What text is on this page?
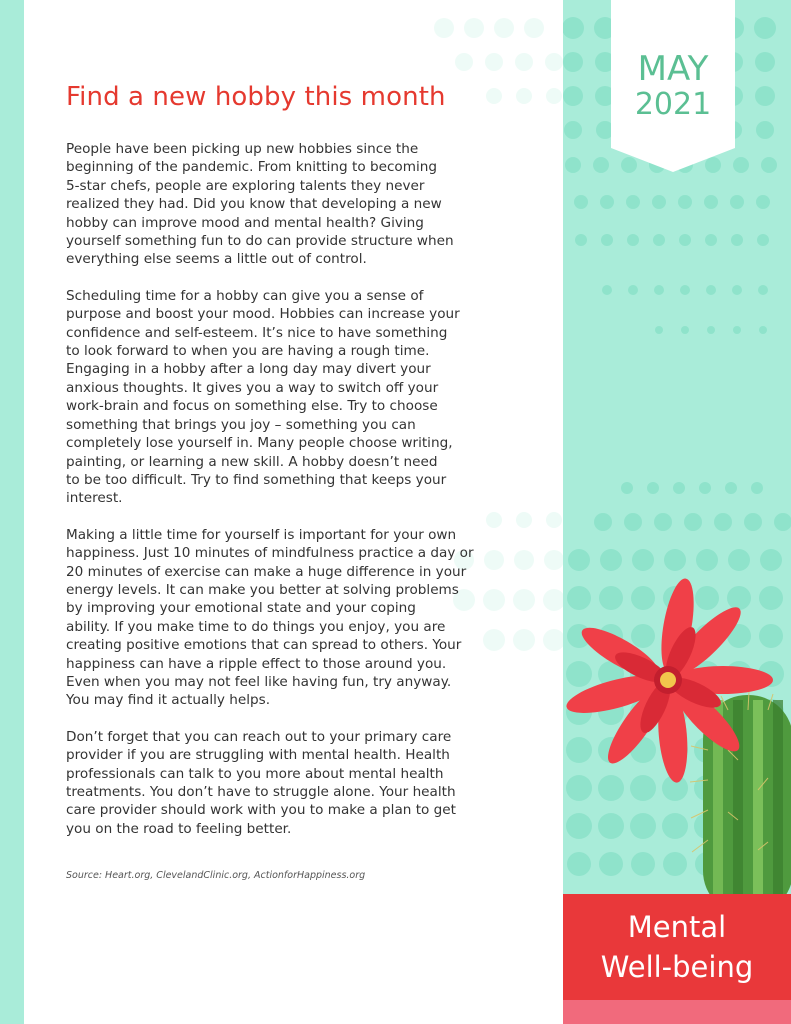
Find a new hobby this month

People have been picking up new hobbies since the
beginning of the pandemic. From knitting to becoming
5-star chefs, people are exploring talents they never
realized they had. Did you know that developing a new
hobby can improve mood and mental health? Giving
yourself something fun to do can provide structure when
everything else seems a little out of control.

Scheduling time for a hobby can give you a sense of
purpose and boost your mood. Hobbies can increase your
confidence and self-esteem. It’s nice to have something
to look forward to when you are having a rough time.
Engaging in a hobby after a long day may divert your
anxious thoughts. It gives you a way to switch off your
work-brain and focus on something else. Try to choose
something that brings you joy – something you can
completely lose yourself in. Many people choose writing,
painting, or learning a new skill. A hobby doesn’t need
to be too difficult. Try to find something that keeps your
interest.

Making a little time for yourself is important for your own
happiness. Just 10 minutes of mindfulness practice a day or
20 minutes of exercise can make a huge difference in your
energy levels. It can make you better at solving problems
by improving your emotional state and your coping
ability. If you make time to do things you enjoy, you are
creating positive emotions that can spread to others. Your
happiness can have a ripple effect to those around you.
Even when you may not feel like having fun, try anyway.
You may find it actually helps.

Don’t forget that you can reach out to your primary care
provider if you are struggling with mental health. Health
professionals can talk to you more about mental health
treatments. You don’t have to struggle alone. Your health
care provider should work with you to make a plan to get
you on the road to feeling better.

Source: Heart.org, ClevelandClinic.org, ActionforHappiness.org
MAY
2021
Mental
Well-being
